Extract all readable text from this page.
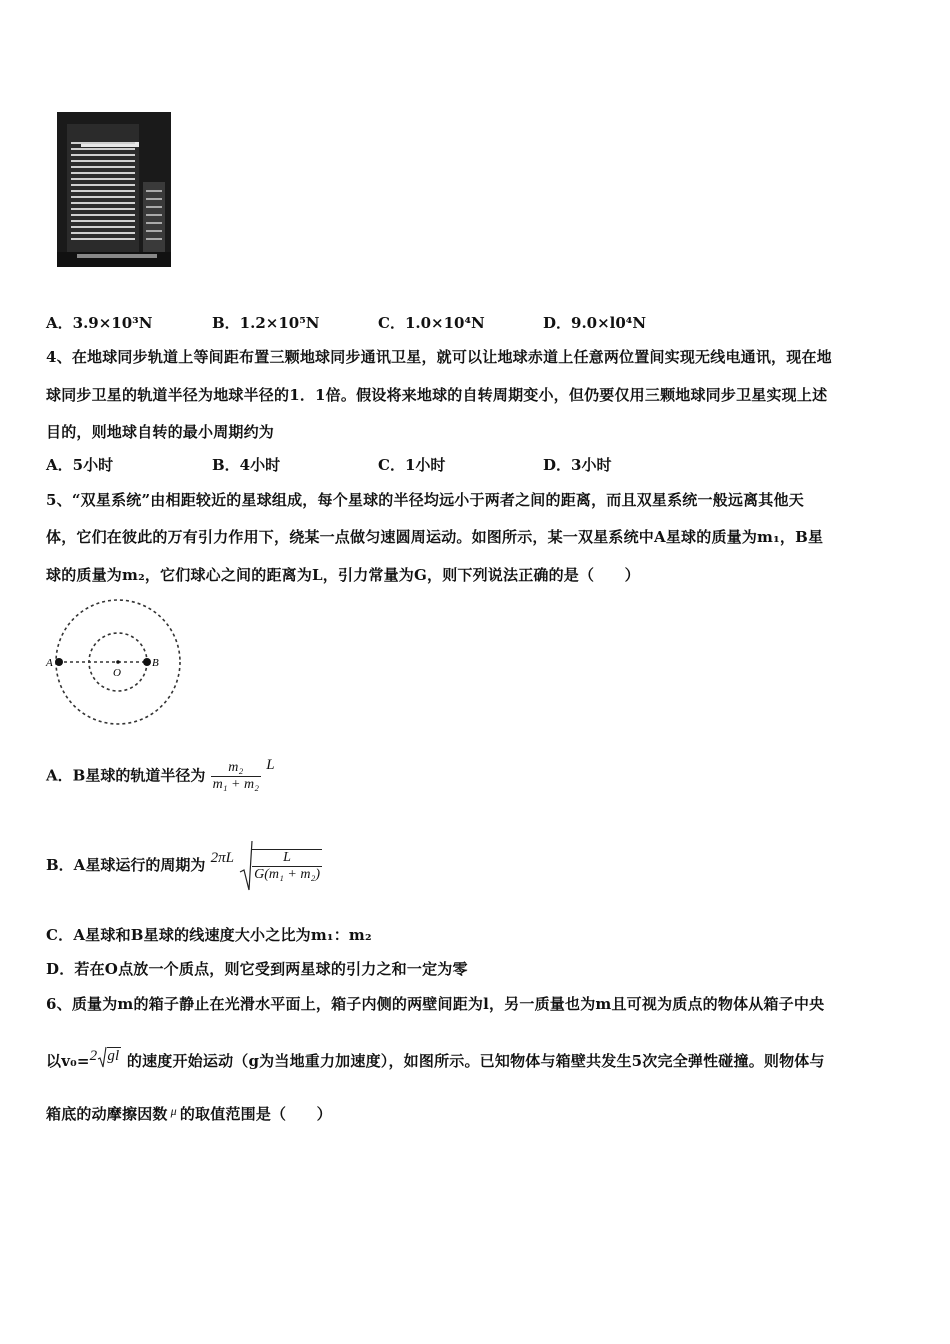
A．3.9×10³N	B．1.2×10⁵N	C．1.0×10⁴N	D．9.0×l0⁴N
4、在地球同步轨道上等间距布置三颗地球同步通讯卫星，就可以让地球赤道上任意两位置间实现无线电通讯，现在地
球同步卫星的轨道半径为地球半径的1．1倍。假设将来地球的自转周期变小，但仍要仅用三颗地球同步卫星实现上述
目的，则地球自转的最小周期约为
A．5小时	B．4小时	C．1小时	D．3小时
5、“双星系统”由相距较近的星球组成，每个星球的半径均远小于两者之间的距离，而且双星系统一般远离其他天
体，它们在彼此的万有引力作用下，绕某一点做匀速圆周运动。如图所示，某一双星系统中A星球的质量为m₁，B星
球的质量为m₂，它们球心之间的距离为L，引力常量为G，则下列说法正确的是（　　）
A
O
B
A．B星球的轨道半径为 $\frac{\text{m₂}}{\text{m₁ + m₂}}$ L
B．A星球运行的周期为 $2\pi L \frac{L}{\text{G(m₁ + m₂)}}$
C．A星球和B星球的线速度大小之比为m₁：m₂
D．若在O点放一个质点，则它受到两星球的引力之和一定为零
6、质量为m的箱子静止在光滑水平面上，箱子内侧的两壁间距为l，另一质量也为m且可视为质点的物体从箱子中央
以v₀=2 gl 的速度开始运动（g为当地重力加速度），如图所示。已知物体与箱壁共发生5次完全弹性碰撞。则物体与
箱底的动摩擦因数 $^\mu$ 的取值范围是（　　）
